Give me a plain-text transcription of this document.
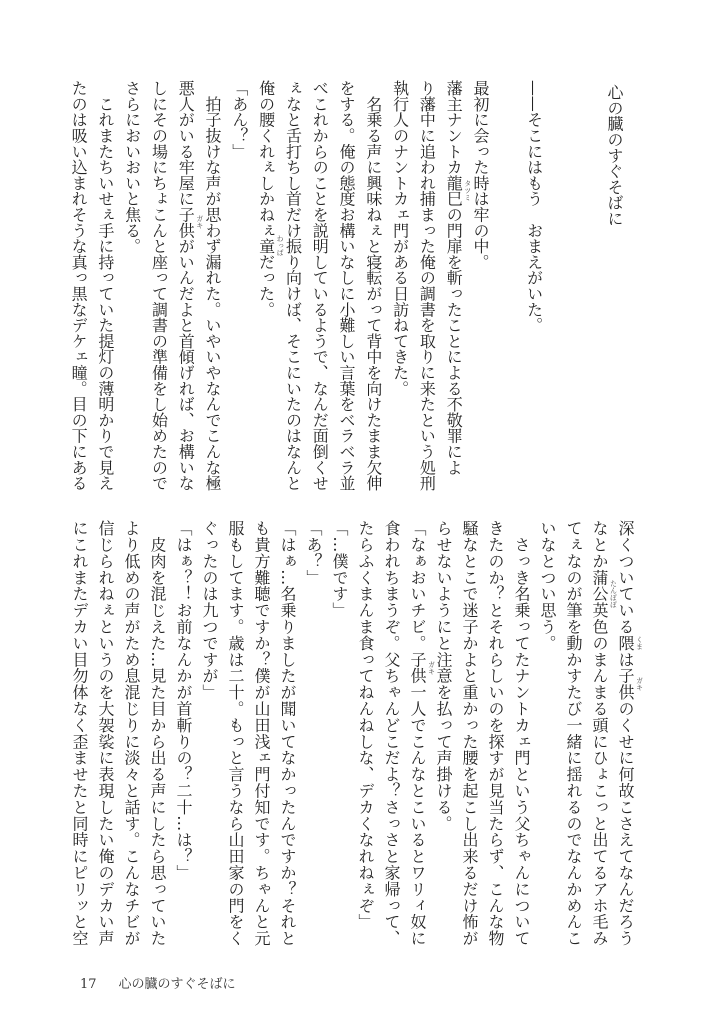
心の臓のすぐそばに
——そこにはもう　おまえがいた。
最初に会った時は牢の中。
藩主ナントカ龍巳の門扉を斬ったことによる不敬罪によ
り藩中に追われ捕まった俺の調書を取りに来たという処刑
執行人のナントカェ門がある日訪ねてきた。
　名乗る声に興味ねぇと寝転がって背中を向けたまま欠伸
をする。俺の態度お構いなしに小難しい言葉をベラベラ並
べこれからのことを説明しているようで、なんだ面倒くせ
ぇなと舌打ちし首だけ振り向けば、そこにいたのはなんと
俺の腰くれぇしかねぇ童だった。
「あん？」
　拍子抜けな声が思わず漏れた。いやいやなんでこんな極
悪人がいる牢屋に子供がいんだよと首傾げれば、お構いな
しにその場にちょこんと座って調書の準備をし始めたので
さらにおいおいと焦る。
　これまたちいせぇ手に持っていた提灯の薄明かりで見え
たのは吸い込まれそうな真っ黒なデケェ瞳。目の下にある
深くついている隈は子供のくせに何故こさえてなんだろう
なとか蒲公英色のまんまる頭にひょこっと出てるアホ毛み
てぇなのが筆を動かすたび一緒に揺れるのでなんかめんこ
いなとつい思う。
　さっき名乗ってたナントカェ門という父ちゃんについて
きたのか？とそれらしいのを探すが見当たらず、こんな物
騒なとこで迷子かよと重かった腰を起こし出来るだけ怖が
らせないようにと注意を払って声掛ける。
「なぁおいチビ。子供一人でこんなとこいるとワリィ奴に
食われちまうぞ。父ちゃんどこだよ？さっさと家帰って、
たらふくまんま食ってねんねしな、デカくなれねぇぞ」
「…僕です」
「あ？」
「はぁ…名乗りましたが聞いてなかったんですか？それと
も貴方難聴ですか？僕が山田浅ェ門付知です。ちゃんと元
服もしてます。歳は二十。もっと言うなら山田家の門をく
ぐったのは九つですが」
「はぁ？！お前なんかが首斬りの？二十…は？」
　皮肉を混じえた…見た目から出る声にしたら思っていた
より低めの声がため息混じりに淡々と話す。こんなチビが
信じられねぇというのを大袈裟に表現したい俺のデカい声
にこれまたデカい目勿体なく歪ませたと同時にピリッと空
タツミ
わっぱ
ガキ
くま
ガキ
たんぽぽ
ガキ
17 心の臓のすぐそばに
